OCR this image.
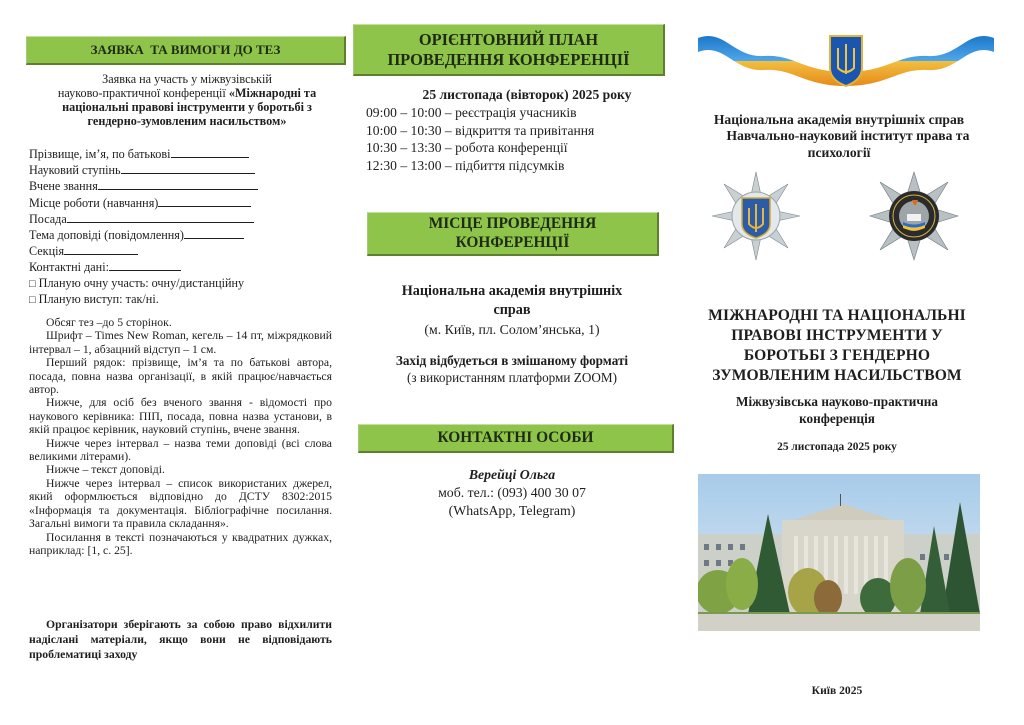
ЗАЯВКА  ТА ВИМОГИ ДО ТЕЗ
Заявка на участь у міжвузівській
науково-практичної конференції «Міжнародні та
національні правові інструменти у боротьбі з
гендерно-зумовленим насильством»
Прізвище, ім’я, по батькові
Науковий ступінь
Вчене звання
Місце роботи (навчання)
Посада
Тема доповіді (повідомлення)
Секція
Контактні дані:
□ Планую очну участь: очну/дистанційну
□ Планую виступ: так/ні.

Обсяг тез –до 5 сторінок.

Шрифт – Times New Roman, кегель – 14 пт, міжрядковий інтервал – 1, абзацний відступ – 1 см.

Перший рядок: прізвище, ім’я та по батькові автора, посада, повна назва організації, в якій працює/навчається автор.

Нижче, для осіб без вченого звання - відомості про наукового керівника: ПІП, посада, повна назва установи, в якій працює керівник, науковий ступінь, вчене звання.

Нижче через інтервал – назва теми доповіді (всі слова великими літерами).

Нижче – текст доповіді.

Нижче через інтервал – список використаних джерел, який оформлюється відповідно до ДСТУ 8302:2015 «Інформація та документація. Бібліографічне посилання. Загальні вимоги та правила складання».

Посилання в тексті позначаються у квадратних дужках, наприклад: [1, с. 25].

Організатори зберігають за собою право відхилити надіслані матеріали, якщо вони не відповідають проблематиці заходу
ОРІЄНТОВНИЙ ПЛАН
ПРОВЕДЕННЯ КОНФЕРЕНЦІЇ
25 листопада (вівторок) 2025 року
09:00 – 10:00 – реєстрація учасників
10:00 – 10:30 – відкриття та привітання
10:30 – 13:30 – робота конференції
12:30 – 13:00 – підбиття підсумків
МІСЦЕ ПРОВЕДЕННЯ
КОНФЕРЕНЦІЇ
Національна академія внутрішніх
справ
(м. Київ, пл. Солом’янська, 1)
Захід відбудеться в змішаному форматі
(з використанням платформи ZOOM)
КОНТАКТНІ ОСОБИ
Верейці Ольга
моб. тел.: (093) 400 30 07
(WhatsApp, Telegram)
Національна академія внутрішніх справ
Навчально-науковий інститут права та
психології
МІЖНАРОДНІ ТА НАЦІОНАЛЬНІ
ПРАВОВІ ІНСТРУМЕНТИ У
БОРОТЬБІ З ГЕНДЕРНО
ЗУМОВЛЕНИМ НАСИЛЬСТВОМ
Міжвузівська науково-практична
конференція
25 листопада 2025 року
Київ 2025
